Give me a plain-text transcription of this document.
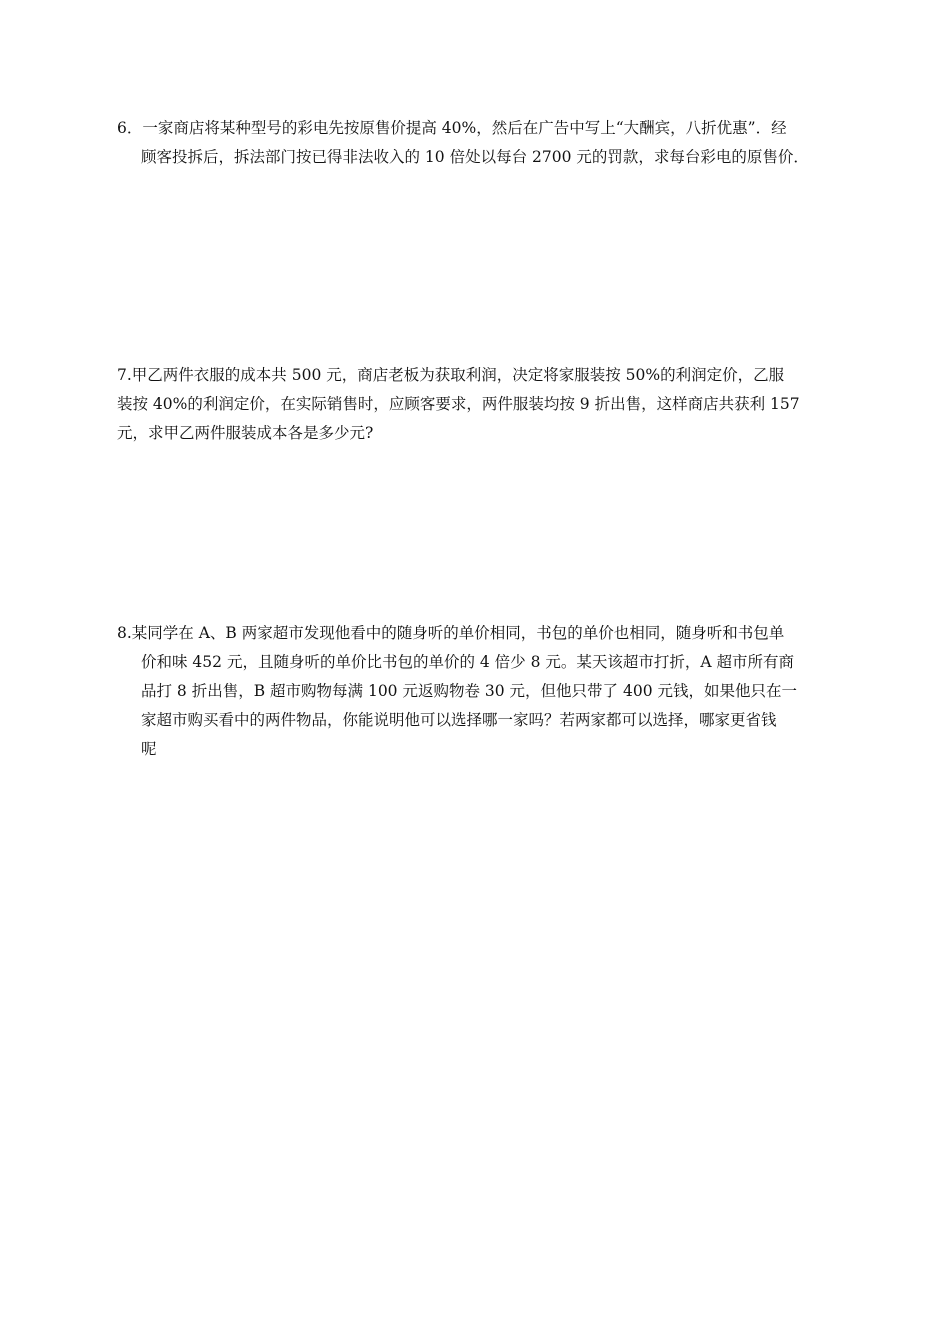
6．一家商店将某种型号的彩电先按原售价提高 40%，然后在广告中写上“大酬宾，八折优惠”．经
顾客投拆后，拆法部门按已得非法收入的 10 倍处以每台 2700 元的罚款，求每台彩电的原售价．
7.甲乙两件衣服的成本共 500 元，商店老板为获取利润，决定将家服装按 50%的利润定价，乙服
装按 40%的利润定价，在实际销售时，应顾客要求，两件服装均按 9 折出售，这样商店共获利 157
元，求甲乙两件服装成本各是多少元?
8.某同学在 A、B 两家超市发现他看中的随身听的单价相同，书包的单价也相同，随身听和书包单
价和味 452 元，且随身听的单价比书包的单价的 4 倍少 8 元。某天该超市打折，A 超市所有商
品打 8 折出售，B 超市购物每满 100 元返购物卷 30 元，但他只带了 400 元钱，如果他只在一
家超市购买看中的两件物品，你能说明他可以选择哪一家吗？若两家都可以选择，哪家更省钱
呢
